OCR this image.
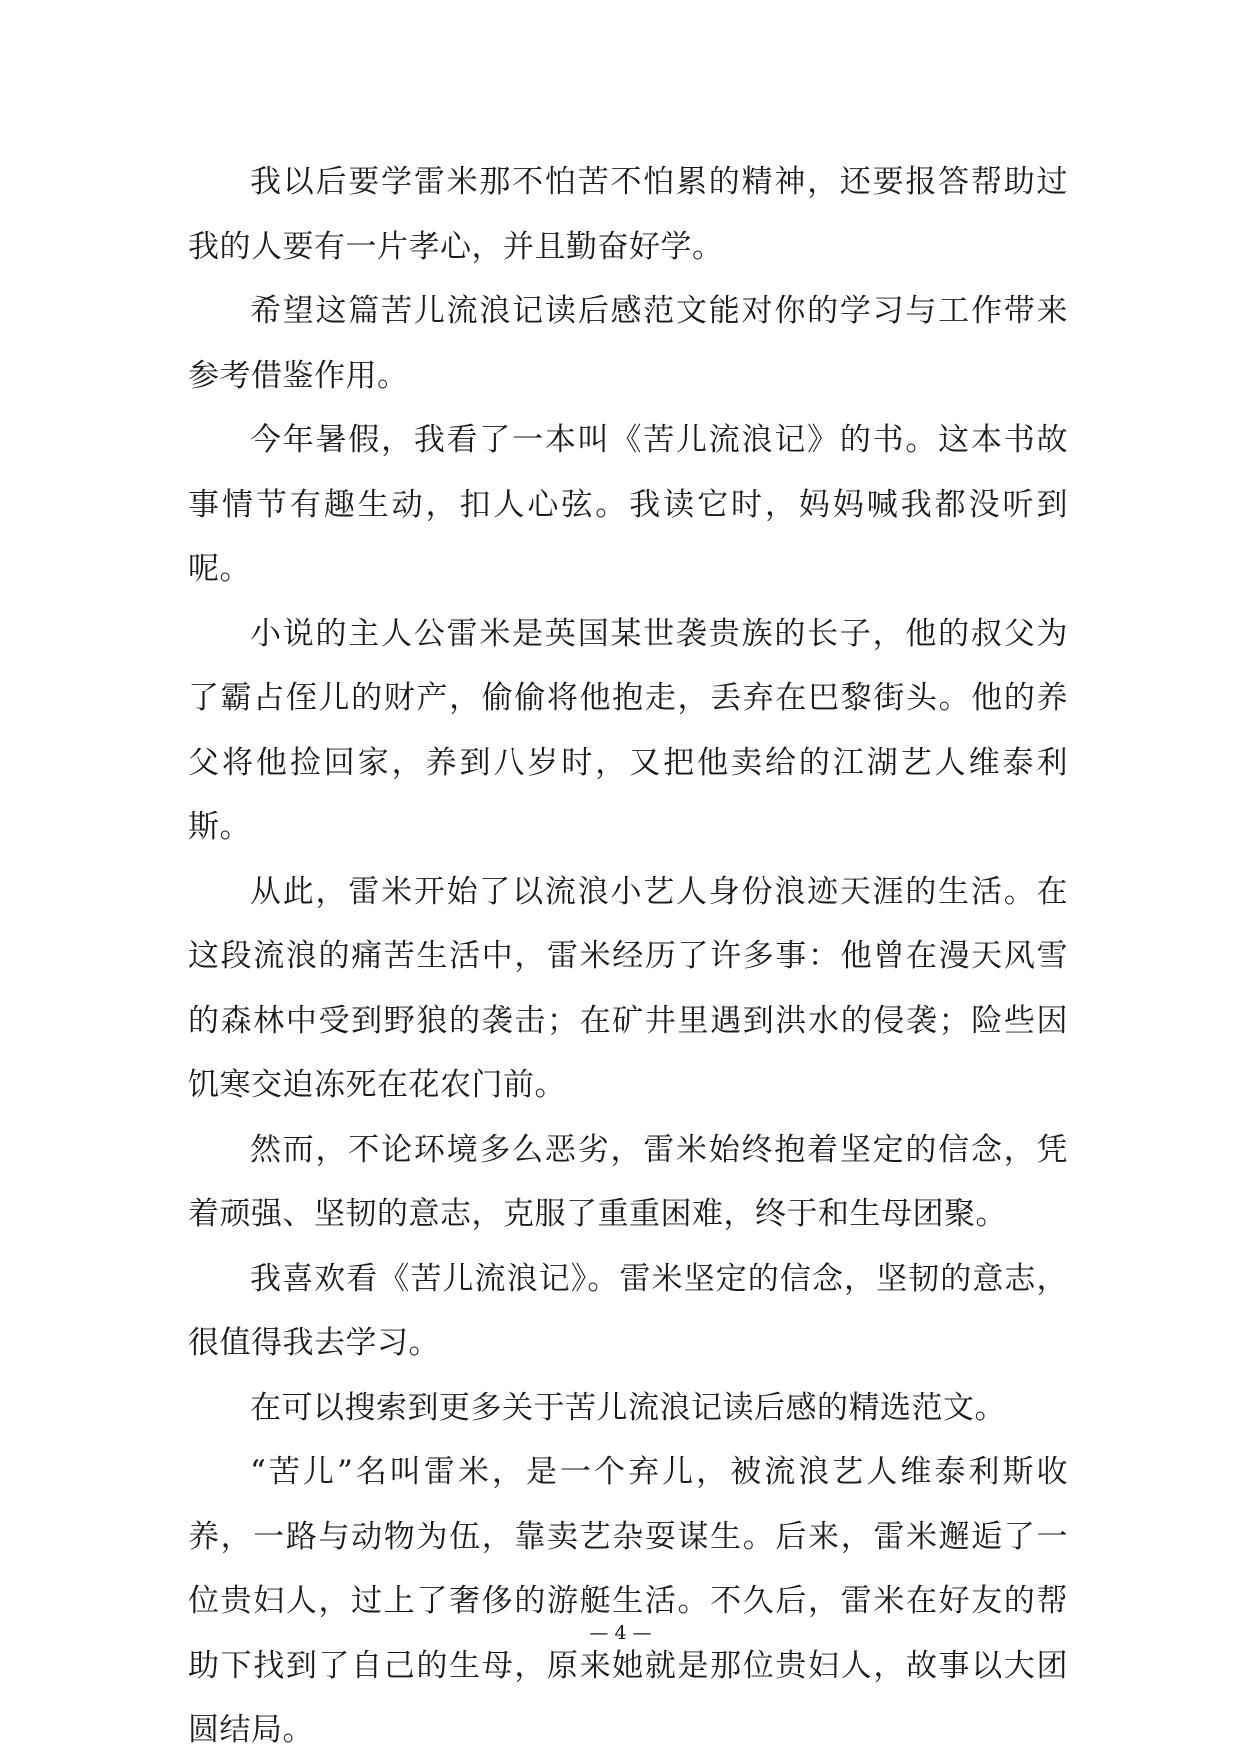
我以后要学雷米那不怕苦不怕累的精神，还要报答帮助过我的人要有一片孝心，并且勤奋好学。

希望这篇苦儿流浪记读后感范文能对你的学习与工作带来参考借鉴作用。

今年暑假，我看了一本叫《苦儿流浪记》的书。这本书故事情节有趣生动，扣人心弦。我读它时，妈妈喊我都没听到呢。

小说的主人公雷米是英国某世袭贵族的长子，他的叔父为了霸占侄儿的财产，偷偷将他抱走，丢弃在巴黎街头。他的养父将他捡回家，养到八岁时，又把他卖给的江湖艺人维泰利斯。

从此，雷米开始了以流浪小艺人身份浪迹天涯的生活。在这段流浪的痛苦生活中，雷米经历了许多事：他曾在漫天风雪的森林中受到野狼的袭击；在矿井里遇到洪水的侵袭；险些因饥寒交迫冻死在花农门前。

然而，不论环境多么恶劣，雷米始终抱着坚定的信念，凭着顽强、坚韧的意志，克服了重重困难，终于和生母团聚。

我喜欢看《苦儿流浪记》。雷米坚定的信念，坚韧的意志，很值得我去学习。

在可以搜索到更多关于苦儿流浪记读后感的精选范文。

“苦儿”名叫雷米，是一个弃儿，被流浪艺人维泰利斯收养，一路与动物为伍，靠卖艺杂耍谋生。后来，雷米邂逅了一位贵妇人，过上了奢侈的游艇生活。不久后，雷米在好友的帮助下找到了自己的生母，原来她就是那位贵妇人，故事以大团圆结局。

— 4 —
